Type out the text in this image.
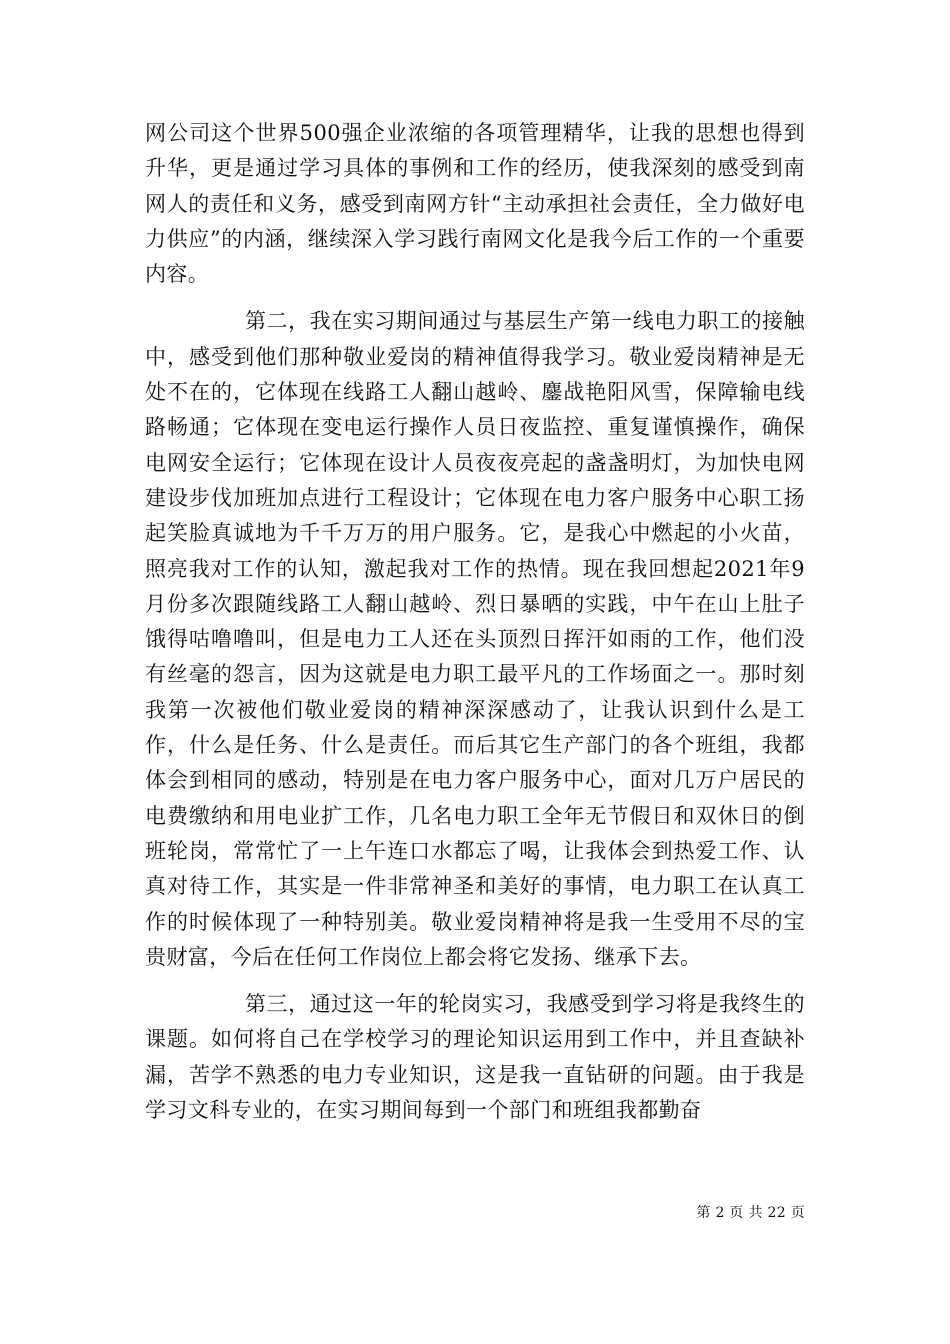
网公司这个世界500强企业浓缩的各项管理精华，让我的思想也得到升华，更是通过学习具体的事例和工作的经历，使我深刻的感受到南网人的责任和义务，感受到南网方针“主动承担社会责任，全力做好电力供应”的内涵，继续深入学习践行南网文化是我今后工作的一个重要内容。

第二，我在实习期间通过与基层生产第一线电力职工的接触中，感受到他们那种敬业爱岗的精神值得我学习。敬业爱岗精神是无处不在的，它体现在线路工人翻山越岭、鏖战艳阳风雪，保障输电线路畅通；它体现在变电运行操作人员日夜监控、重复谨慎操作，确保电网安全运行；它体现在设计人员夜夜亮起的盏盏明灯，为加快电网建设步伐加班加点进行工程设计；它体现在电力客户服务中心职工扬起笑脸真诚地为千千万万的用户服务。它，是我心中燃起的小火苗，照亮我对工作的认知，激起我对工作的热情。现在我回想起2021年9月份多次跟随线路工人翻山越岭、烈日暴晒的实践，中午在山上肚子饿得咕噜噜叫，但是电力工人还在头顶烈日挥汗如雨的工作，他们没有丝毫的怨言，因为这就是电力职工最平凡的工作场面之一。那时刻我第一次被他们敬业爱岗的精神深深感动了，让我认识到什么是工作，什么是任务、什么是责任。而后其它生产部门的各个班组，我都体会到相同的感动，特别是在电力客户服务中心，面对几万户居民的电费缴纳和用电业扩工作，几名电力职工全年无节假日和双休日的倒班轮岗，常常忙了一上午连口水都忘了喝，让我体会到热爱工作、认真对待工作，其实是一件非常神圣和美好的事情，电力职工在认真工作的时候体现了一种特别美。敬业爱岗精神将是我一生受用不尽的宝贵财富，今后在任何工作岗位上都会将它发扬、继承下去。

第三，通过这一年的轮岗实习，我感受到学习将是我终生的课题。如何将自己在学校学习的理论知识运用到工作中，并且查缺补漏，苦学不熟悉的电力专业知识，这是我一直钻研的问题。由于我是学习文科专业的，在实习期间每到一个部门和班组我都勤奋

第 2 页 共 22 页
